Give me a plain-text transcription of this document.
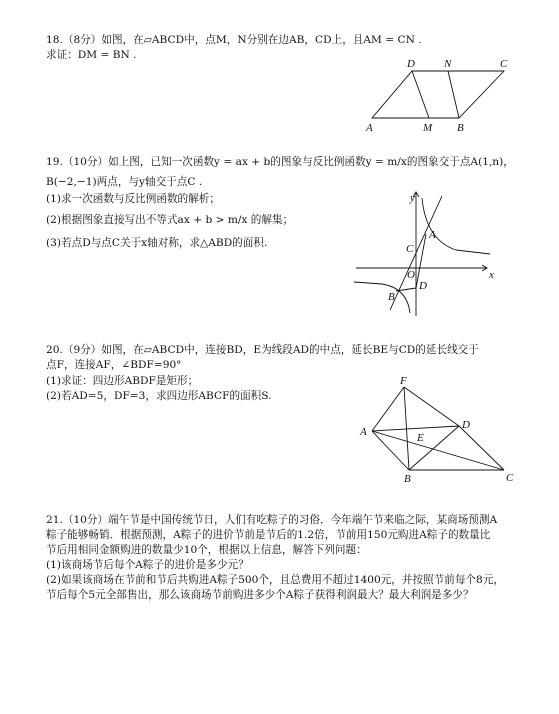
18.（8分）如图，在▱ABCD中，点M，N分别在边AB，CD上，且AM = CN .
求证：DM = BN .
D	N	C
A	M B
19.（10分）如上图，已知一次函数y = ax + b的图象与反比例函数y = m/x的图象交于点A(1,n)，
B(−2,−1)两点，与y轴交于点C .
(1)求一次函数与反比例函数的解析；
(2)根据图象直接写出不等式ax + b > m/x 的解集；
(3)若点D与点C关于x轴对称，求△ABD的面积.
y
x
A
C
O
B
D
20.（9分）如图，在▱ABCD中，连接BD，E为线段AD的中点，延长BE与CD的延长线交于
点F，连接AF，∠BDF=90°
(1)求证：四边形ABDF是矩形；
(2)若AD=5，DF=3，求四边形ABCF的面积S.
F
A	E
D
B	C
21.（10分）端午节是中国传统节日，人们有吃粽子的习俗．今年端午节来临之际，某商场预测A
粽子能够畅销．根据预测，A粽子的进价节前是节后的1.2倍，节前用150元购进A粽子的数量比
节后用相同金额购进的数量少10个，根据以上信息，解答下列问题：
(1)该商场节后每个A粽子的进价是多少元？
(2)如果该商场在节前和节后共购进A粽子500个，且总费用不超过1400元，并按照节前每个8元，
节后每个5元全部售出，那么该商场节前购进多少个A粽子获得利润最大？最大利润是多少？
